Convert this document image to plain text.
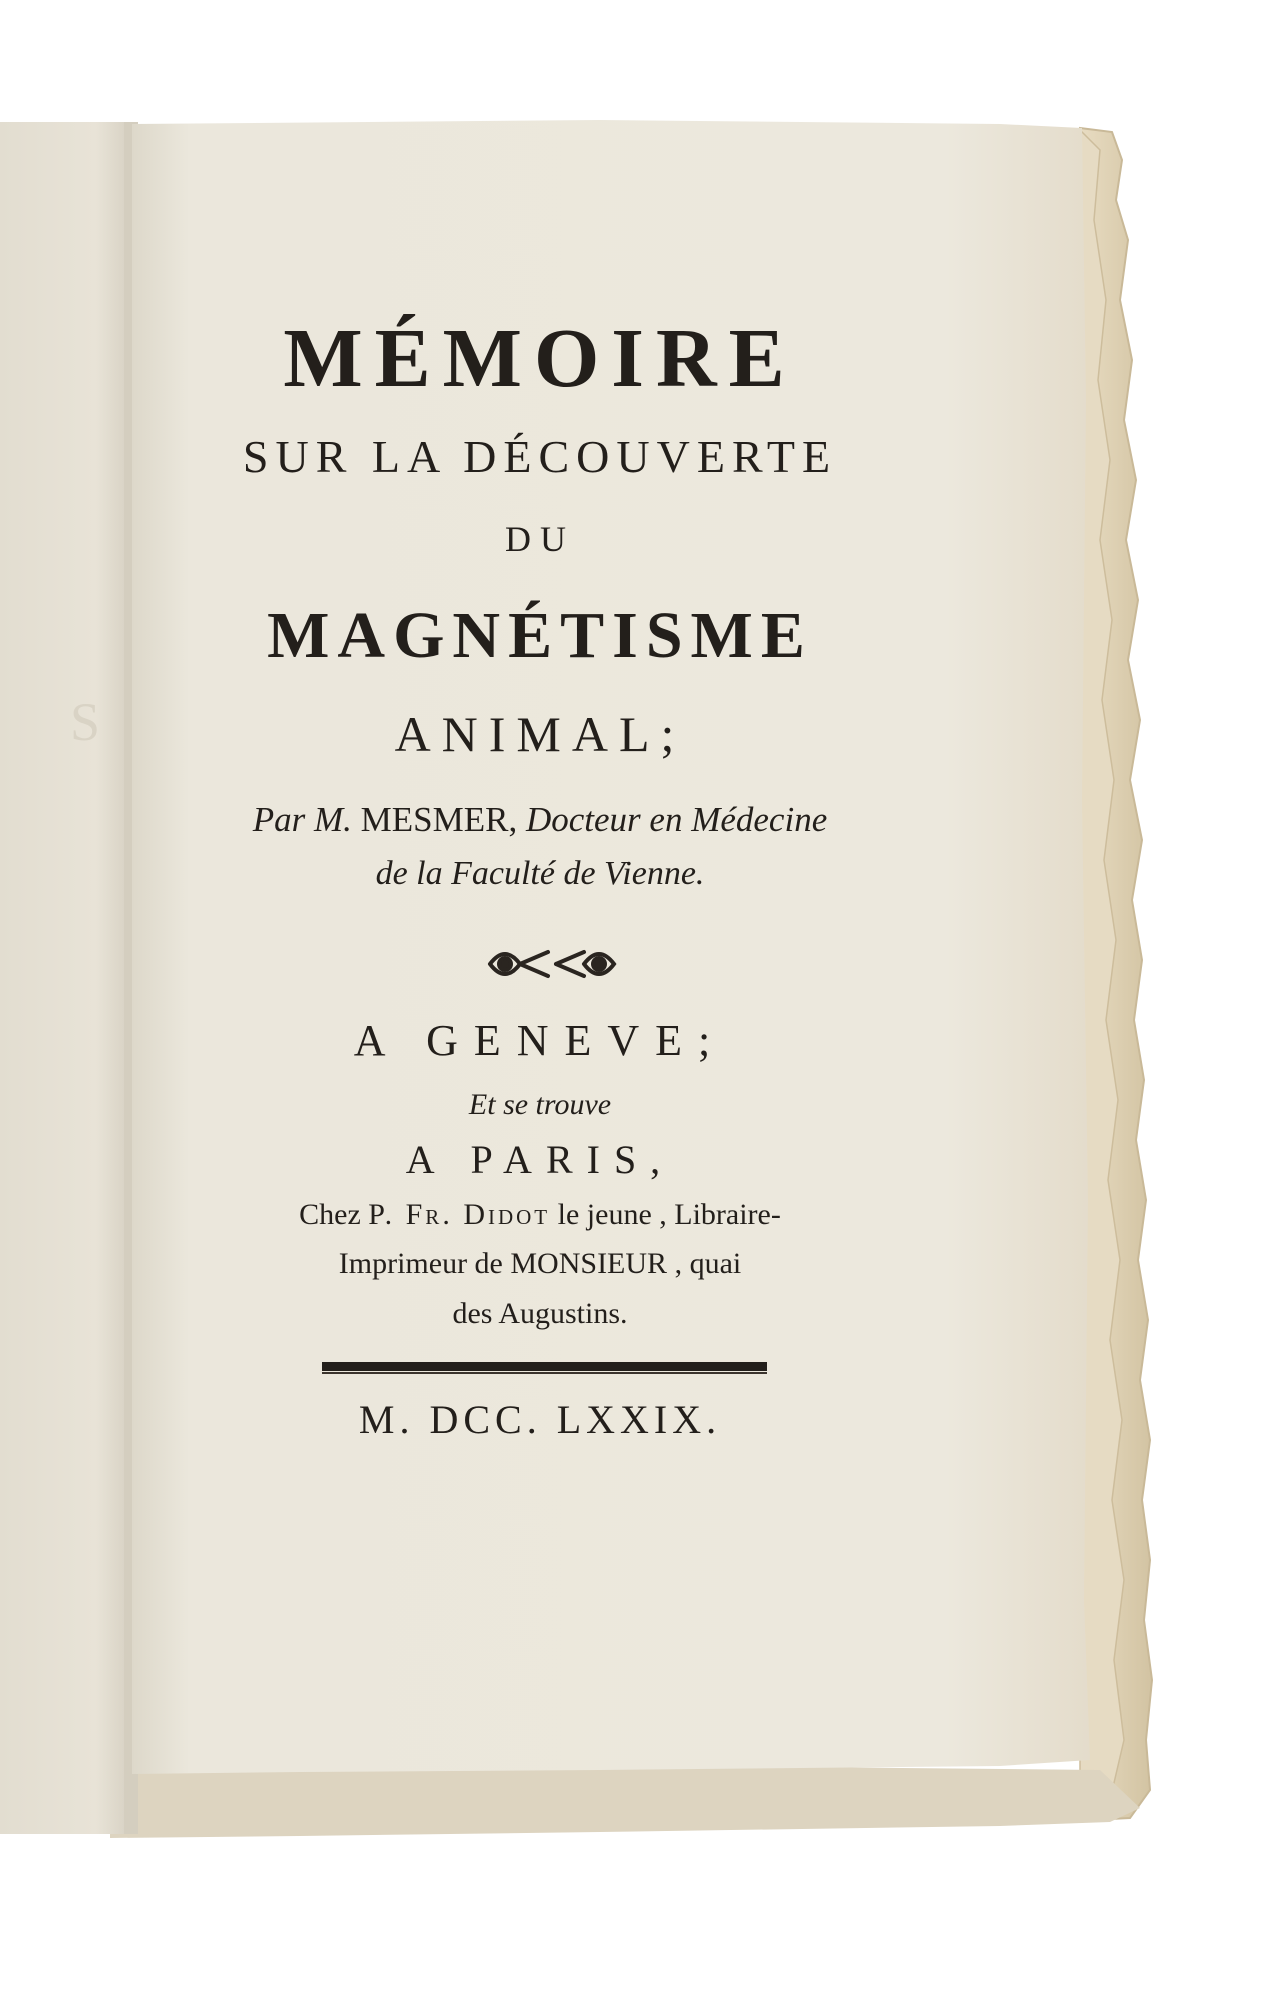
S
MÉMOIRE
SUR LA DÉCOUVERTE
DU
MAGNÉTISME
ANIMAL;
Par M. MESMER, Docteur en Médecine
de la Faculté de Vienne.
A GENEVE;
Et se trouve
A PARIS,
Chez P. Fr. Didot le jeune , Libraire-
Imprimeur de MONSIEUR , quai
des Augustins.
M. DCC. LXXIX.
